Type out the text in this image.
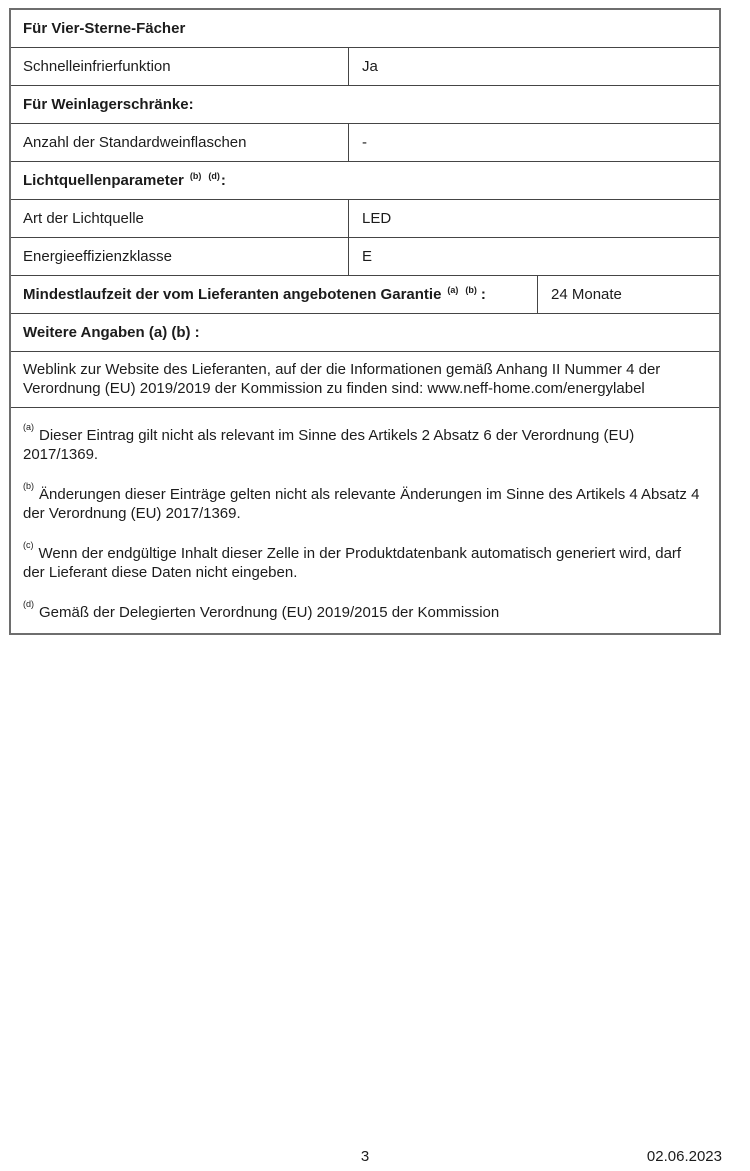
Für Vier-Sterne-Fächer
Schnelleinfrierfunktion	Ja
Für Weinlagerschränke:
Anzahl der Standardweinflaschen	-
Lichtquellenparameter $^{(b)}$ $^{(d)}$ :
Art der Lichtquelle	LED
Energieeffizienzklasse	E
Mindestlaufzeit der vom Lieferanten angebotenen Garantie $^{(a)}$ $^{(b)}$ :	24 Monate
Weitere Angaben (a) (b) :
Weblink zur Website des Lieferanten, auf der die Informationen gemäß Anhang II Nummer 4 der Verordnung (EU) 2019/2019 der Kommission zu finden sind: www.neff-home.com/energylabel

$^{(a)}$ Dieser Eintrag gilt nicht als relevant im Sinne des Artikels 2 Absatz 6 der Verordnung (EU) 2017/1369.

$^{(b)}$ Änderungen dieser Einträge gelten nicht als relevante Änderungen im Sinne des Artikels 4 Absatz 4 der Verordnung (EU) 2017/1369.

$^{(c)}$ Wenn der endgültige Inhalt dieser Zelle in der Produktdatenbank automatisch generiert wird, darf der Lieferant diese Daten nicht eingeben.

$^{(d)}$ Gemäß der Delegierten Verordnung (EU) 2019/2015 der Kommission

3	02.06.2023
